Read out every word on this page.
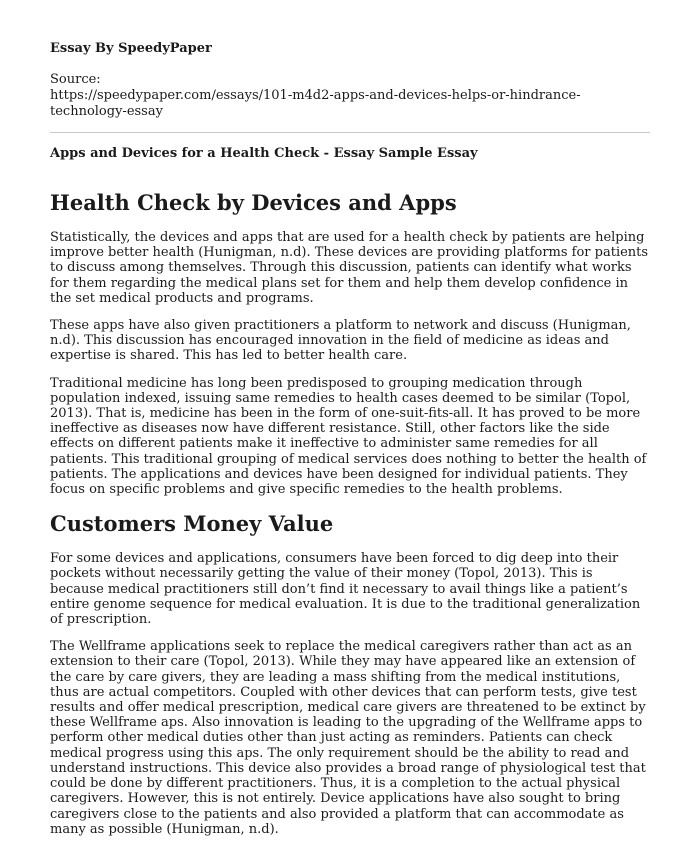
Essay By SpeedyPaper
Source:
https://speedypaper.com/essays/101-m4d2-apps-and-devices-helps-or-hindrance-technology-essay
Apps and Devices for a Health Check - Essay Sample Essay
Health Check by Devices and Apps

Statistically, the devices and apps that are used for a health check by patients are helping improve better health (Hunigman, n.d). These devices are providing platforms for patients to discuss among themselves. Through this discussion, patients can identify what works for them regarding the medical plans set for them and help them develop confidence in the set medical products and programs.

These apps have also given practitioners a platform to network and discuss (Hunigman, n.d). This discussion has encouraged innovation in the field of medicine as ideas and expertise is shared. This has led to better health care.

Traditional medicine has long been predisposed to grouping medication through population indexed, issuing same remedies to health cases deemed to be similar (Topol, 2013). That is, medicine has been in the form of one-suit-fits-all. It has proved to be more ineffective as diseases now have different resistance. Still, other factors like the side effects on different patients make it ineffective to administer same remedies for all patients. This traditional grouping of medical services does nothing to better the health of patients. The applications and devices have been designed for individual patients. They focus on specific problems and give specific remedies to the health problems.

Customers Money Value

For some devices and applications, consumers have been forced to dig deep into their pockets without necessarily getting the value of their money (Topol, 2013). This is because medical practitioners still don’t find it necessary to avail things like a patient’s entire genome sequence for medical evaluation. It is due to the traditional generalization of prescription.

The Wellframe applications seek to replace the medical caregivers rather than act as an extension to their care (Topol, 2013). While they may have appeared like an extension of the care by care givers, they are leading a mass shifting from the medical institutions, thus are actual competitors. Coupled with other devices that can perform tests, give test results and offer medical prescription, medical care givers are threatened to be extinct by these Wellframe aps. Also innovation is leading to the upgrading of the Wellframe apps to perform other medical duties other than just acting as reminders. Patients can check medical progress using this aps. The only requirement should be the ability to read and understand instructions. This device also provides a broad range of physiological test that could be done by different practitioners. Thus, it is a completion to the actual physical caregivers. However, this is not entirely. Device applications have also sought to bring caregivers close to the patients and also provided a platform that can accommodate as many as possible (Hunigman, n.d).
